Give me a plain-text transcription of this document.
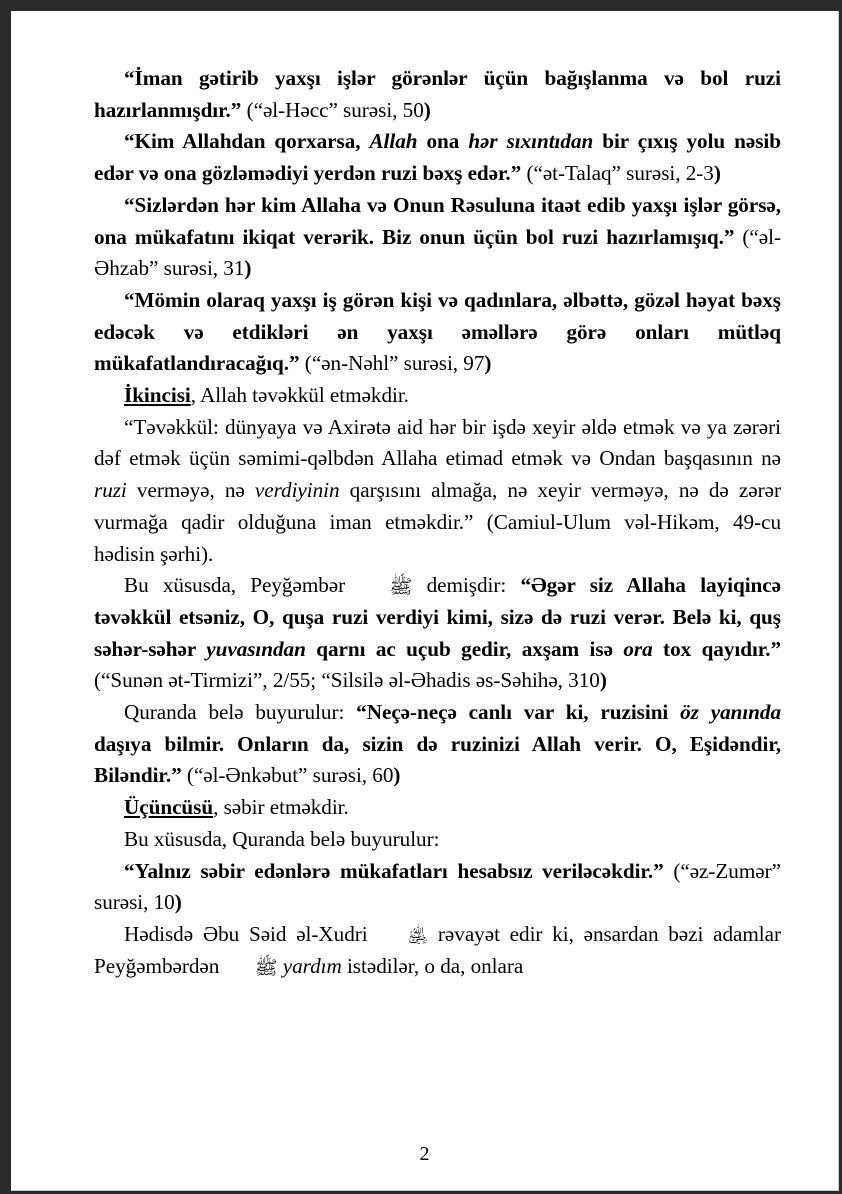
“İman gətirib yaxşı işlər görənlər üçün bağışlanma və bol ruzi hazırlanmışdır.” (“əl-Həcc” surəsi, 50)

“Kim Allahdan qorxarsa, Allah ona hər sıxıntıdan bir çıxış yolu nəsib edər və ona gözləmədiyi yerdən ruzi bəxş edər.” (“ət-Talaq” surəsi, 2-3)

“Sizlərdən hər kim Allaha və Onun Rəsuluna itaət edib yaxşı işlər görsə, ona mükafatını ikiqat verərik. Biz onun üçün bol ruzi hazırlamışıq.” (“əl-Əhzab” surəsi, 31)

“Mömin olaraq yaxşı iş görən kişi və qadınlara, əlbəttə, gözəl həyat bəxş edəcək və etdikləri ən yaxşı əməllərə görə onları mütləq mükafatlandıracağıq.” (“ən-Nəhl” surəsi, 97)

İkincisi, Allah təvəkkül etməkdir.

“Təvəkkül: dünyaya və Axirətə aid hər bir işdə xeyir əldə etmək və ya zərəri dəf etmək üçün səmimi-qəlbdən Allaha etimad etmək və Ondan başqasının nə ruzi verməyə, nə verdiyinin qarşısını almağa, nə xeyir verməyə, nə də zərər vurmağa qadir olduğuna iman etməkdir.” (Camiul-Ulum vəl-Hikəm, 49-cu hədisin şərhi).

Bu xüsusda, Peyğəmbər ﷺ demişdir: “Əgər siz Allaha layiqincə təvəkkül etsəniz, O, quşa ruzi verdiyi kimi, sizə də ruzi verər. Belə ki, quş səhər-səhər yuvasından qarnı ac uçub gedir, axşam isə ora tox qayıdır.” (“Sunən ət-Tirmizi”, 2/55; “Silsilə əl-Əhadis əs-Səhihə, 310)

Quranda belə buyurulur: “Neçə-neçə canlı var ki, ruzisini öz yanında daşıya bilmir. Onların da, sizin də ruzinizi Allah verir. O, Eşidəndir, Biləndir.” (“əl-Ənkəbut” surəsi, 60)

Üçüncüsü, səbir etməkdir.

Bu xüsusda, Quranda belə buyurulur:

“Yalnız səbir edənlərə mükafatları hesabsız veriləcəkdir.” (“əz-Zumər” surəsi, 10)

Hədisdə Əbu Səid əl-Xudri ﵁ rəvayət edir ki, ənsardan bəzi adamlar Peyğəmbərdən ﷺ yardım istədilər, o da, onlara

2
